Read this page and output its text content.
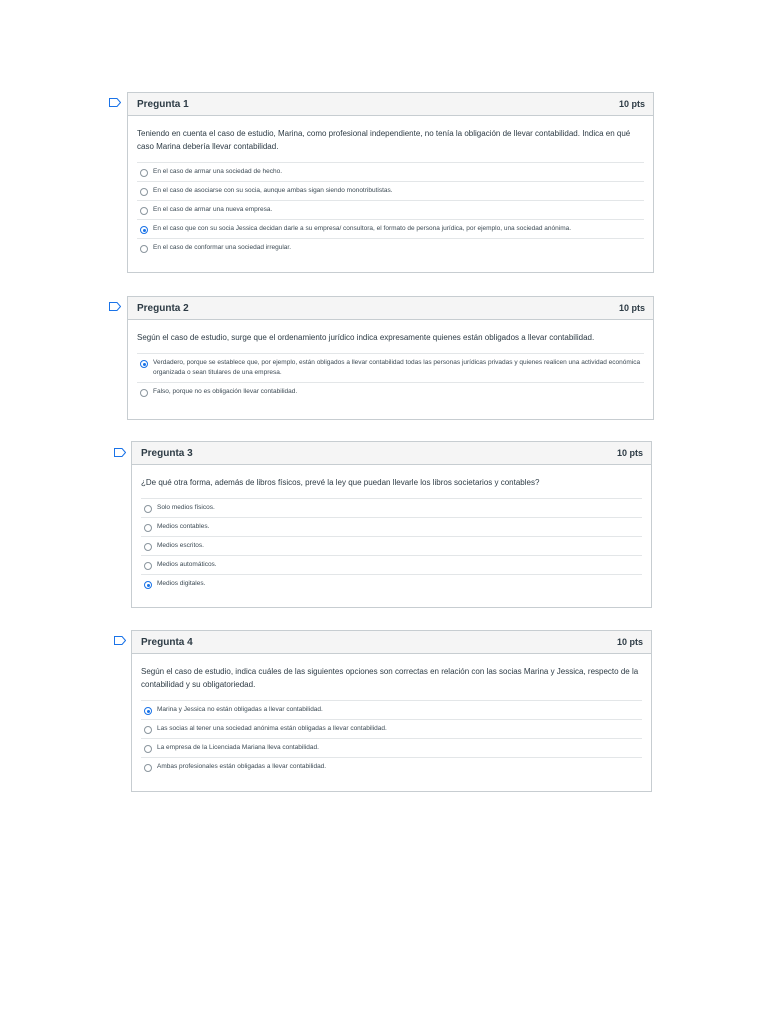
Pregunta 1	10 pts
Teniendo en cuenta el caso de estudio, Marina, como profesional independiente, no tenía la obligación de llevar contabilidad. Indica en qué caso Marina debería llevar contabilidad.
En el caso de armar una sociedad de hecho.
En el caso de asociarse con su socia, aunque ambas sigan siendo monotributistas.
En el caso de armar una nueva empresa.
En el caso que con su socia Jessica decidan darle a su empresa/ consultora, el formato de persona jurídica, por ejemplo, una sociedad anónima.
En el caso de conformar una sociedad irregular.
Pregunta 2	10 pts
Según el caso de estudio, surge que el ordenamiento jurídico indica expresamente quienes están obligados a llevar contabilidad.
Verdadero, porque se establece que, por ejemplo, están obligados a llevar contabilidad todas las personas jurídicas privadas y quienes realicen una actividad económica organizada o sean titulares de una empresa.
Falso, porque no es obligación llevar contabilidad.
Pregunta 3	10 pts
¿De qué otra forma, además de libros físicos, prevé la ley que puedan llevarle los libros societarios y contables?
Solo medios físicos.
Medios contables.
Medios escritos.
Medios automáticos.
Medios digitales.
Pregunta 4	10 pts
Según el caso de estudio, indica cuáles de las siguientes opciones son correctas en relación con las socias Marina y Jessica, respecto de la contabilidad y su obligatoriedad.
Marina y Jessica no están obligadas a llevar contabilidad.
Las socias al tener una sociedad anónima están obligadas a llevar contabilidad.
La empresa de la Licenciada Mariana lleva contabilidad.
Ambas profesionales están obligadas a llevar contabilidad.
